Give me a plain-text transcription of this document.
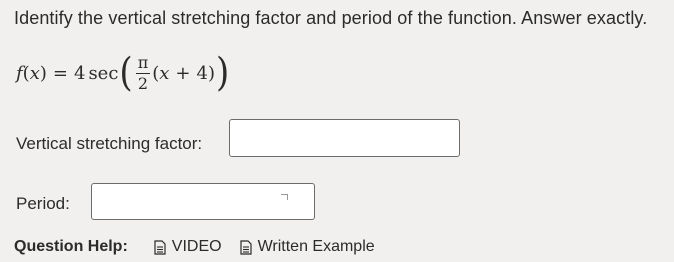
Identify the vertical stretching factor and period of the function. Answer exactly.
f ( x ) = 4 sec ( $\frac{\pi}{2}$ ( x + 4 ) )
Vertical stretching factor:
Period:
Question Help:	VIDEO Written Example
